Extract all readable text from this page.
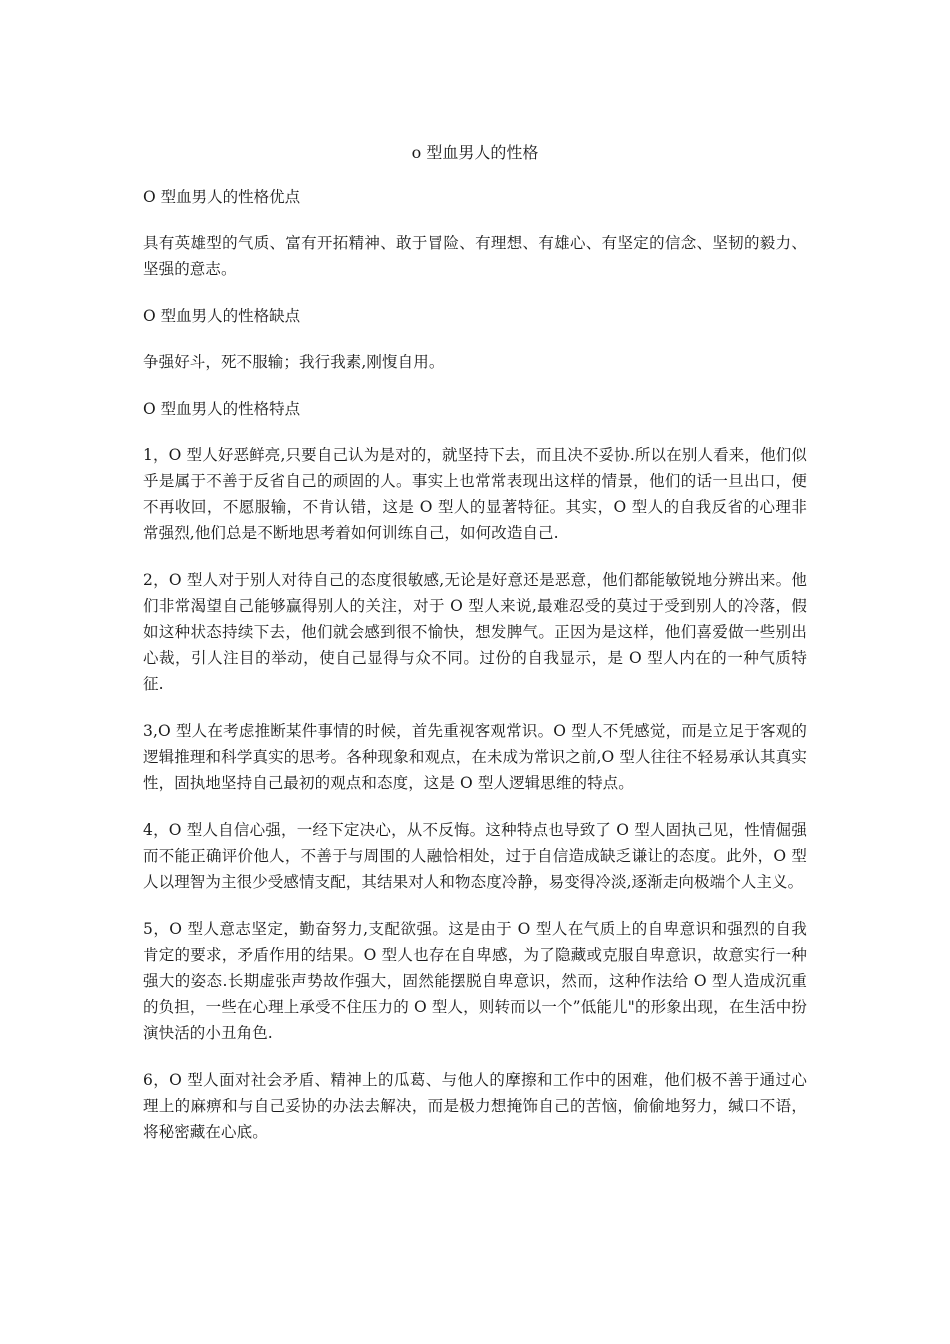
o 型血男人的性格
O 型血男人的性格优点
具有英雄型的气质、富有开拓精神、敢于冒险、有理想、有雄心、有坚定的信念、坚韧的毅力、坚强的意志。
O 型血男人的性格缺点
争强好斗，死不服输；我行我素,刚愎自用。
O 型血男人的性格特点
1，O 型人好恶鲜亮,只要自己认为是对的，就坚持下去，而且决不妥协.所以在别人看来，他们似乎是属于不善于反省自己的顽固的人。事实上也常常表现出这样的情景，他们的话一旦出口，便不再收回，不愿服输，不肯认错，这是 O 型人的显著特征。其实，O 型人的自我反省的心理非常强烈,他们总是不断地思考着如何训练自己，如何改造自己.
2，O 型人对于别人对待自己的态度很敏感,无论是好意还是恶意，他们都能敏锐地分辨出来。他们非常渴望自己能够赢得别人的关注，对于 O 型人来说,最难忍受的莫过于受到别人的冷落，假如这种状态持续下去，他们就会感到很不愉快，想发脾气。正因为是这样，他们喜爱做一些别出心裁，引人注目的举动，使自己显得与众不同。过份的自我显示，是 O 型人内在的一种气质特征.
3,O 型人在考虑推断某件事情的时候，首先重视客观常识。O 型人不凭感觉，而是立足于客观的逻辑推理和科学真实的思考。各种现象和观点，在未成为常识之前,O 型人往往不轻易承认其真实性，固执地坚持自己最初的观点和态度，这是 O 型人逻辑思维的特点。
4，O 型人自信心强，一经下定决心，从不反悔。这种特点也导致了 O 型人固执己见，性情倔强而不能正确评价他人，不善于与周围的人融恰相处，过于自信造成缺乏谦让的态度。此外，O 型人以理智为主很少受感情支配，其结果对人和物态度冷静，易变得冷淡,逐渐走向极端个人主义。
5，O 型人意志坚定，勤奋努力,支配欲强。这是由于 O 型人在气质上的自卑意识和强烈的自我肯定的要求，矛盾作用的结果。O 型人也存在自卑感，为了隐藏或克服自卑意识，故意实行一种强大的姿态.长期虚张声势故作强大，固然能摆脱自卑意识，然而，这种作法给 O 型人造成沉重的负担，一些在心理上承受不住压力的 O 型人，则转而以一个”低能儿"的形象出现，在生活中扮演快活的小丑角色.
6，O 型人面对社会矛盾、精神上的瓜葛、与他人的摩擦和工作中的困难，他们极不善于通过心理上的麻痹和与自己妥协的办法去解决，而是极力想掩饰自己的苦恼，偷偷地努力，缄口不语，将秘密藏在心底。
